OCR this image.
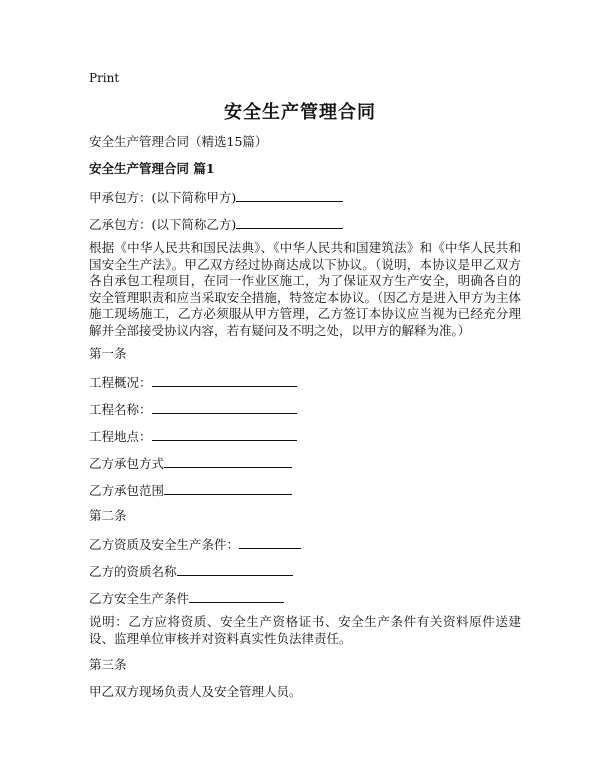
Print
安全生产管理合同
安全生产管理合同（精选15篇）
安全生产管理合同 篇1
甲承包方：(以下简称甲方)
乙承包方：(以下简称乙方)
根据《中华人民共和国民法典》、《中华人民共和国建筑法》和《中华人民共和国安全生产法》。甲乙双方经过协商达成以下协议。（说明，本协议是甲乙双方各自承包工程项目，在同一作业区施工，为了保证双方生产安全，明确各自的安全管理职责和应当采取安全措施，特签定本协议。（因乙方是进入甲方为主体施工现场施工，乙方必须服从甲方管理，乙方签订本协议应当视为已经充分理解并全部接受协议内容，若有疑问及不明之处，以甲方的解释为准。）
第一条
工程概况：
工程名称：
工程地点：
乙方承包方式
乙方承包范围
第二条
乙方资质及安全生产条件：
乙方的资质名称
乙方安全生产条件
说明：乙方应将资质、安全生产资格证书、安全生产条件有关资料原件送建设、监理单位审核并对资料真实性负法律责任。
第三条
甲乙双方现场负责人及安全管理人员。
